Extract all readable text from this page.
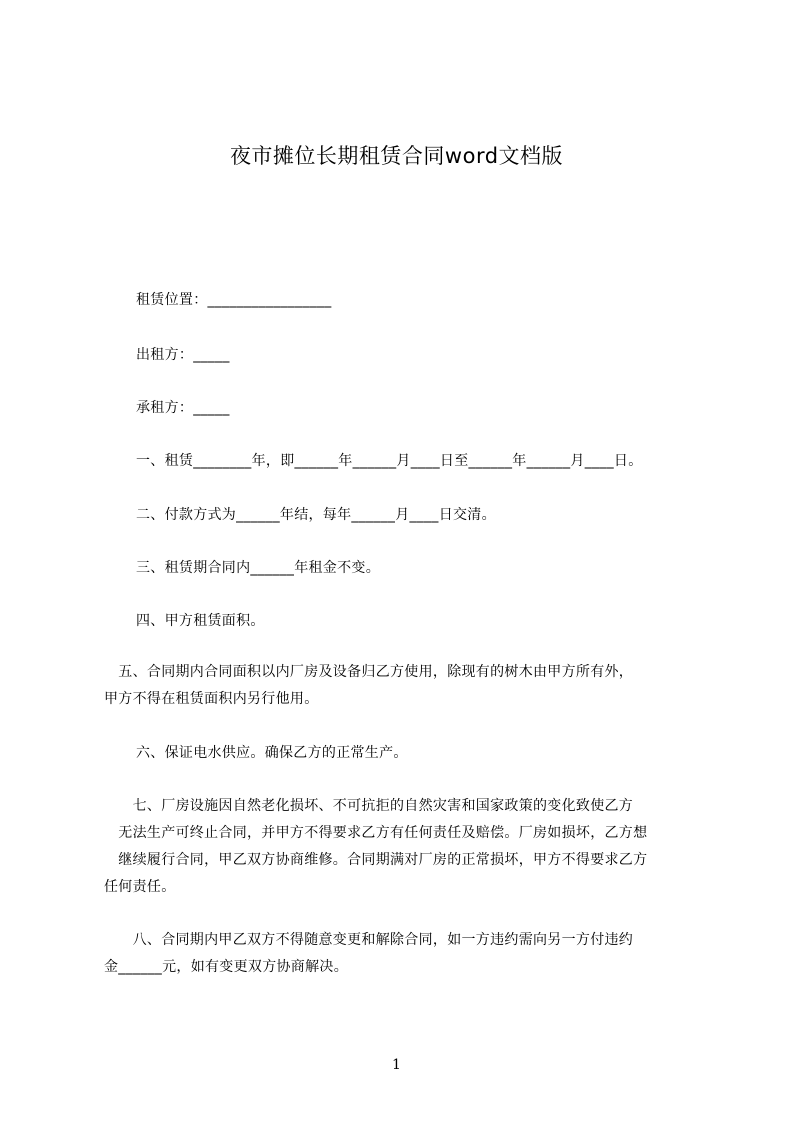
夜市摊位长期租赁合同word文档版
租赁位置：_________________
出租方：_____
承租方：_____
一、租赁________年，即______年______月____日至______年______月____日。
二、付款方式为______年结，每年______月____日交清。
三、租赁期合同内______年租金不变。
四、甲方租赁面积。
　五、合同期内合同面积以内厂房及设备归乙方使用，除现有的树木由甲方所有外，
甲方不得在租赁面积内另行他用。
六、保证电水供应。确保乙方的正常生产。
　　七、厂房设施因自然老化损坏、不可抗拒的自然灾害和国家政策的变化致使乙方
　无法生产可终止合同，并甲方不得要求乙方有任何责任及赔偿。厂房如损坏，乙方想
　继续履行合同，甲乙双方协商维修。合同期满对厂房的正常损坏，甲方不得要求乙方
任何责任。
　　八、合同期内甲乙双方不得随意变更和解除合同，如一方违约需向另一方付违约
金______元，如有变更双方协商解决。
1
